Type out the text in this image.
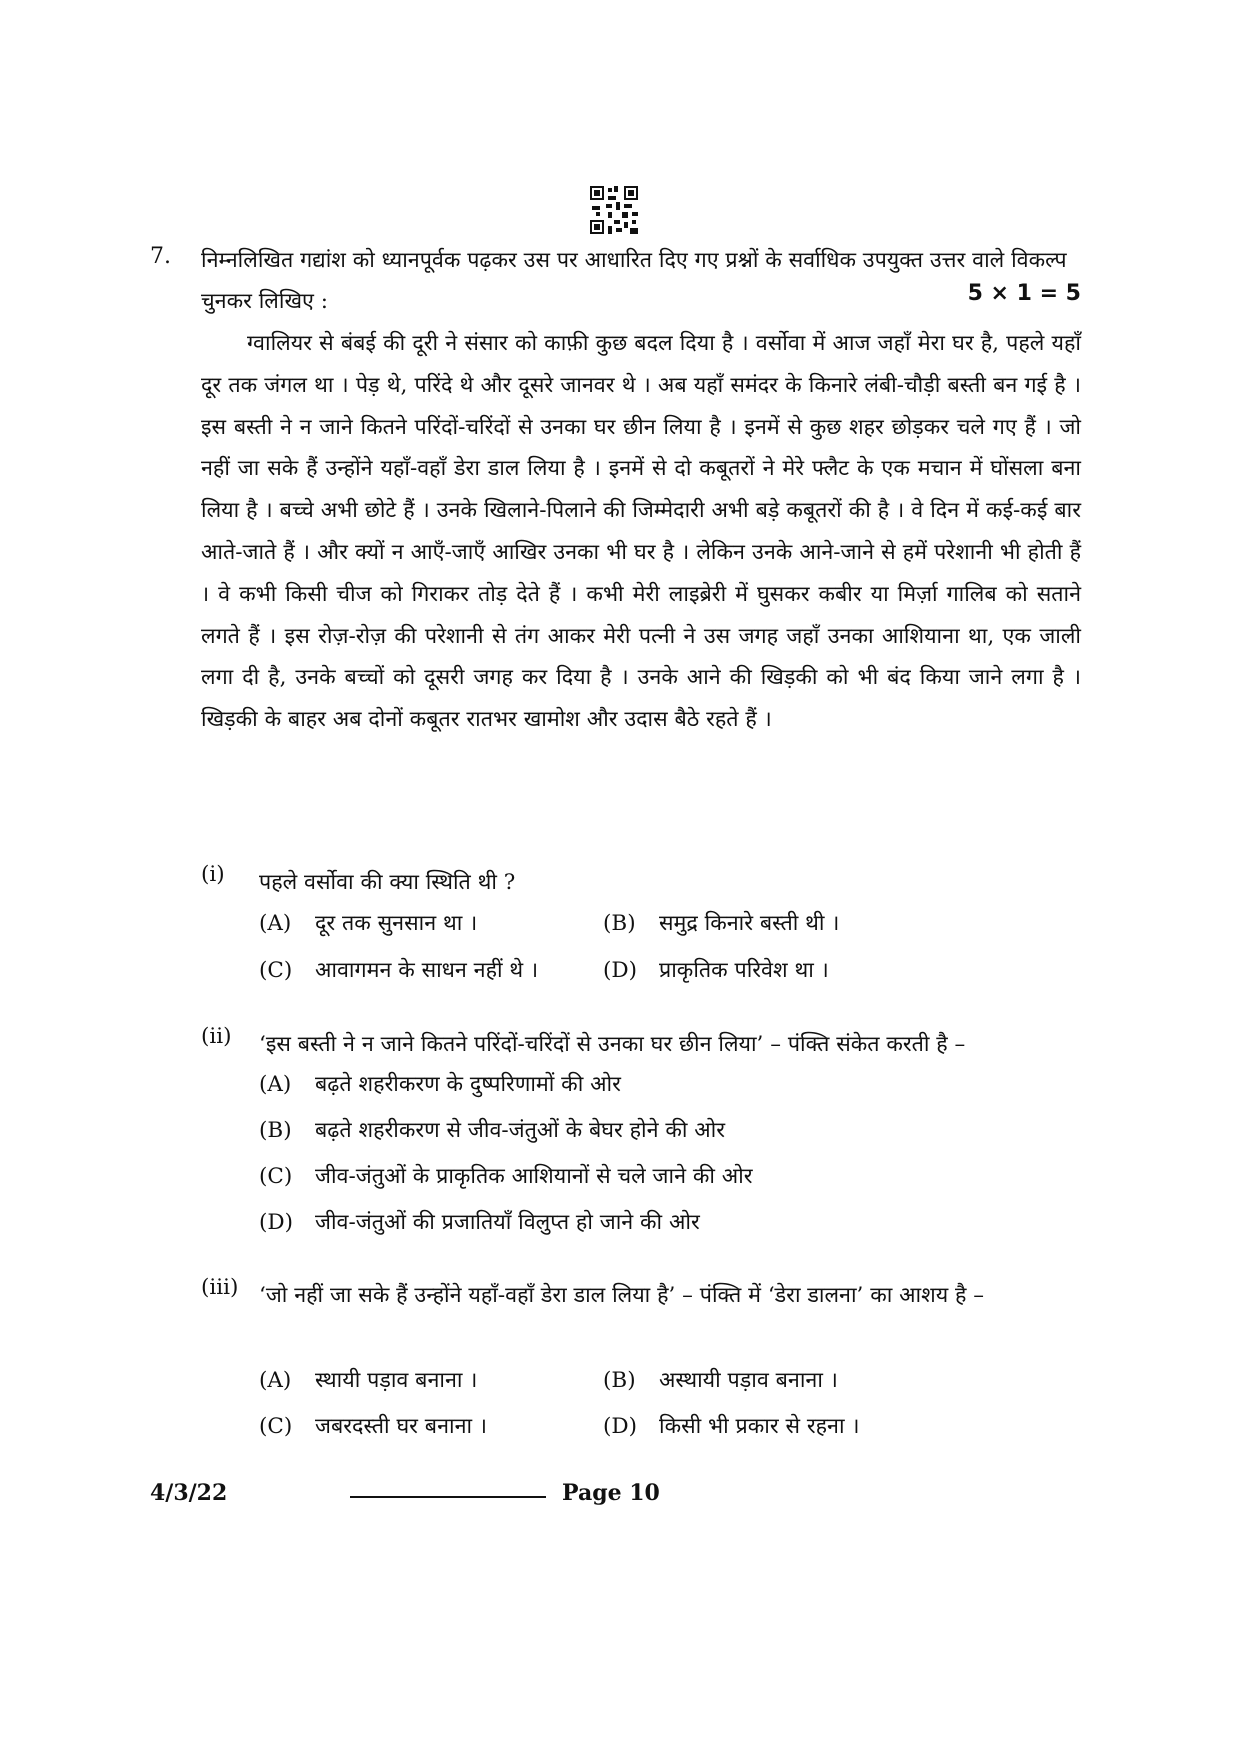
7. निम्नलिखित गद्यांश को ध्यानपूर्वक पढ़कर उस पर आधारित दिए गए प्रश्नों के सर्वाधिक उपयुक्त उत्तर वाले विकल्प चुनकर लिखिए :	5 × 1 = 5

ग्वालियर से बंबई की दूरी ने संसार को काफ़ी कुछ बदल दिया है । वर्सोवा में आज जहाँ मेरा घर है, पहले यहाँ दूर तक जंगल था । पेड़ थे, परिंदे थे और दूसरे जानवर थे । अब यहाँ समंदर के किनारे लंबी-चौड़ी बस्ती बन गई है । इस बस्ती ने न जाने कितने परिंदों-चरिंदों से उनका घर छीन लिया है । इनमें से कुछ शहर छोड़कर चले गए हैं । जो नहीं जा सके हैं उन्होंने यहाँ-वहाँ डेरा डाल लिया है । इनमें से दो कबूतरों ने मेरे फ्लैट के एक मचान में घोंसला बना लिया है । बच्चे अभी छोटे हैं । उनके खिलाने-पिलाने की जिम्मेदारी अभी बड़े कबूतरों की है । वे दिन में कई-कई बार आते-जाते हैं । और क्यों न आएँ-जाएँ आखिर उनका भी घर है । लेकिन उनके आने-जाने से हमें परेशानी भी होती हैं । वे कभी किसी चीज को गिराकर तोड़ देते हैं । कभी मेरी लाइब्रेरी में घुसकर कबीर या मिर्ज़ा गालिब को सताने लगते हैं । इस रोज़-रोज़ की परेशानी से तंग आकर मेरी पत्नी ने उस जगह जहाँ उनका आशियाना था, एक जाली लगा दी है, उनके बच्चों को दूसरी जगह कर दिया है । उनके आने की खिड़की को भी बंद किया जाने लगा है । खिड़की के बाहर अब दोनों कबूतर रातभर खामोश और उदास बैठे रहते हैं ।

(i)	पहले वर्सोवा की क्या स्थिति थी ?
(A) दूर तक सुनसान था ।	(B) समुद्र किनारे बस्ती थी ।
(C) आवागमन के साधन नहीं थे ।	(D) प्राकृतिक परिवेश था ।
(ii)	‘इस बस्ती ने न जाने कितने परिंदों-चरिंदों से उनका घर छीन लिया’ – पंक्ति संकेत करती है –
(A) बढ़ते शहरीकरण के दुष्परिणामों की ओर
(B) बढ़ते शहरीकरण से जीव-जंतुओं के बेघर होने की ओर
(C) जीव-जंतुओं के प्राकृतिक आशियानों से चले जाने की ओर
(D) जीव-जंतुओं की प्रजातियाँ विलुप्त हो जाने की ओर
(iii) ‘जो नहीं जा सके हैं उन्होंने यहाँ-वहाँ डेरा डाल लिया है’ – पंक्ति में ‘डेरा डालना’ का आशय है –
(A) स्थायी पड़ाव बनाना ।	(B) अस्थायी पड़ाव बनाना ।
(C) जबरदस्ती घर बनाना ।	(D) किसी भी प्रकार से रहना ।
4/3/22	Page 10
